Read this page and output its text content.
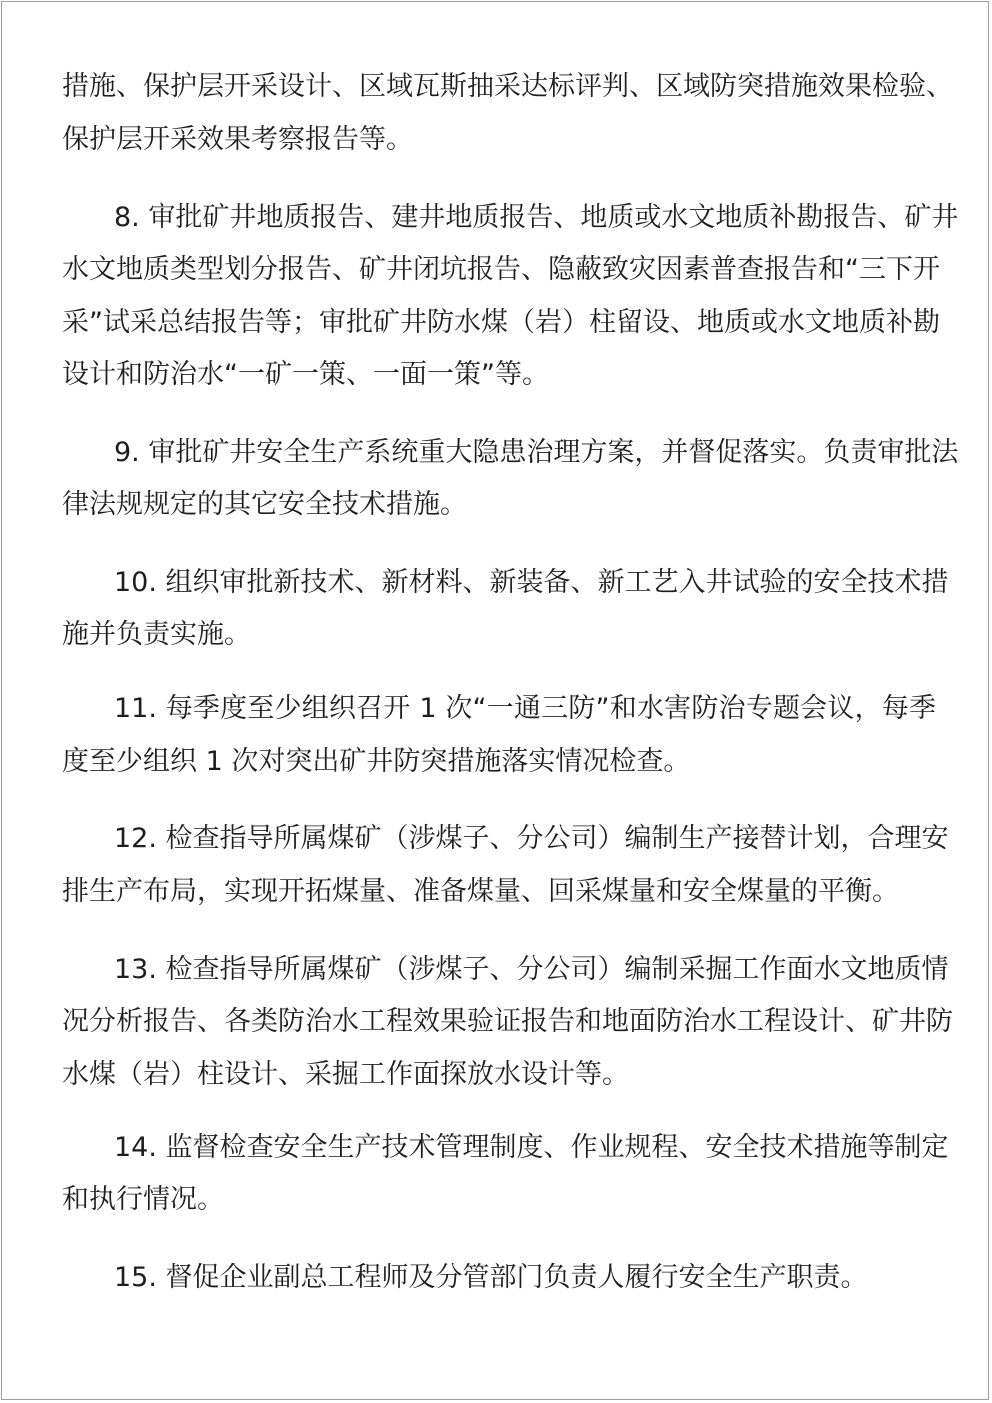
措施、保护层开采设计、区域瓦斯抽采达标评判、区域防突措施效果检验、
保护层开采效果考察报告等。
8. 审批矿井地质报告、建井地质报告、地质或水文地质补勘报告、矿井
水文地质类型划分报告、矿井闭坑报告、隐蔽致灾因素普查报告和“三下开
采”试采总结报告等；审批矿井防水煤（岩）柱留设、地质或水文地质补勘
设计和防治水“一矿一策、一面一策”等。
9. 审批矿井安全生产系统重大隐患治理方案，并督促落实。负责审批法
律法规规定的其它安全技术措施。
10. 组织审批新技术、新材料、新装备、新工艺入井试验的安全技术措
施并负责实施。
11. 每季度至少组织召开 1 次“一通三防”和水害防治专题会议，每季
度至少组织 1 次对突出矿井防突措施落实情况检查。
12. 检查指导所属煤矿（涉煤子、分公司）编制生产接替计划，合理安
排生产布局，实现开拓煤量、准备煤量、回采煤量和安全煤量的平衡。
13. 检查指导所属煤矿（涉煤子、分公司）编制采掘工作面水文地质情
况分析报告、各类防治水工程效果验证报告和地面防治水工程设计、矿井防
水煤（岩）柱设计、采掘工作面探放水设计等。
14. 监督检查安全生产技术管理制度、作业规程、安全技术措施等制定
和执行情况。
15. 督促企业副总工程师及分管部门负责人履行安全生产职责。
